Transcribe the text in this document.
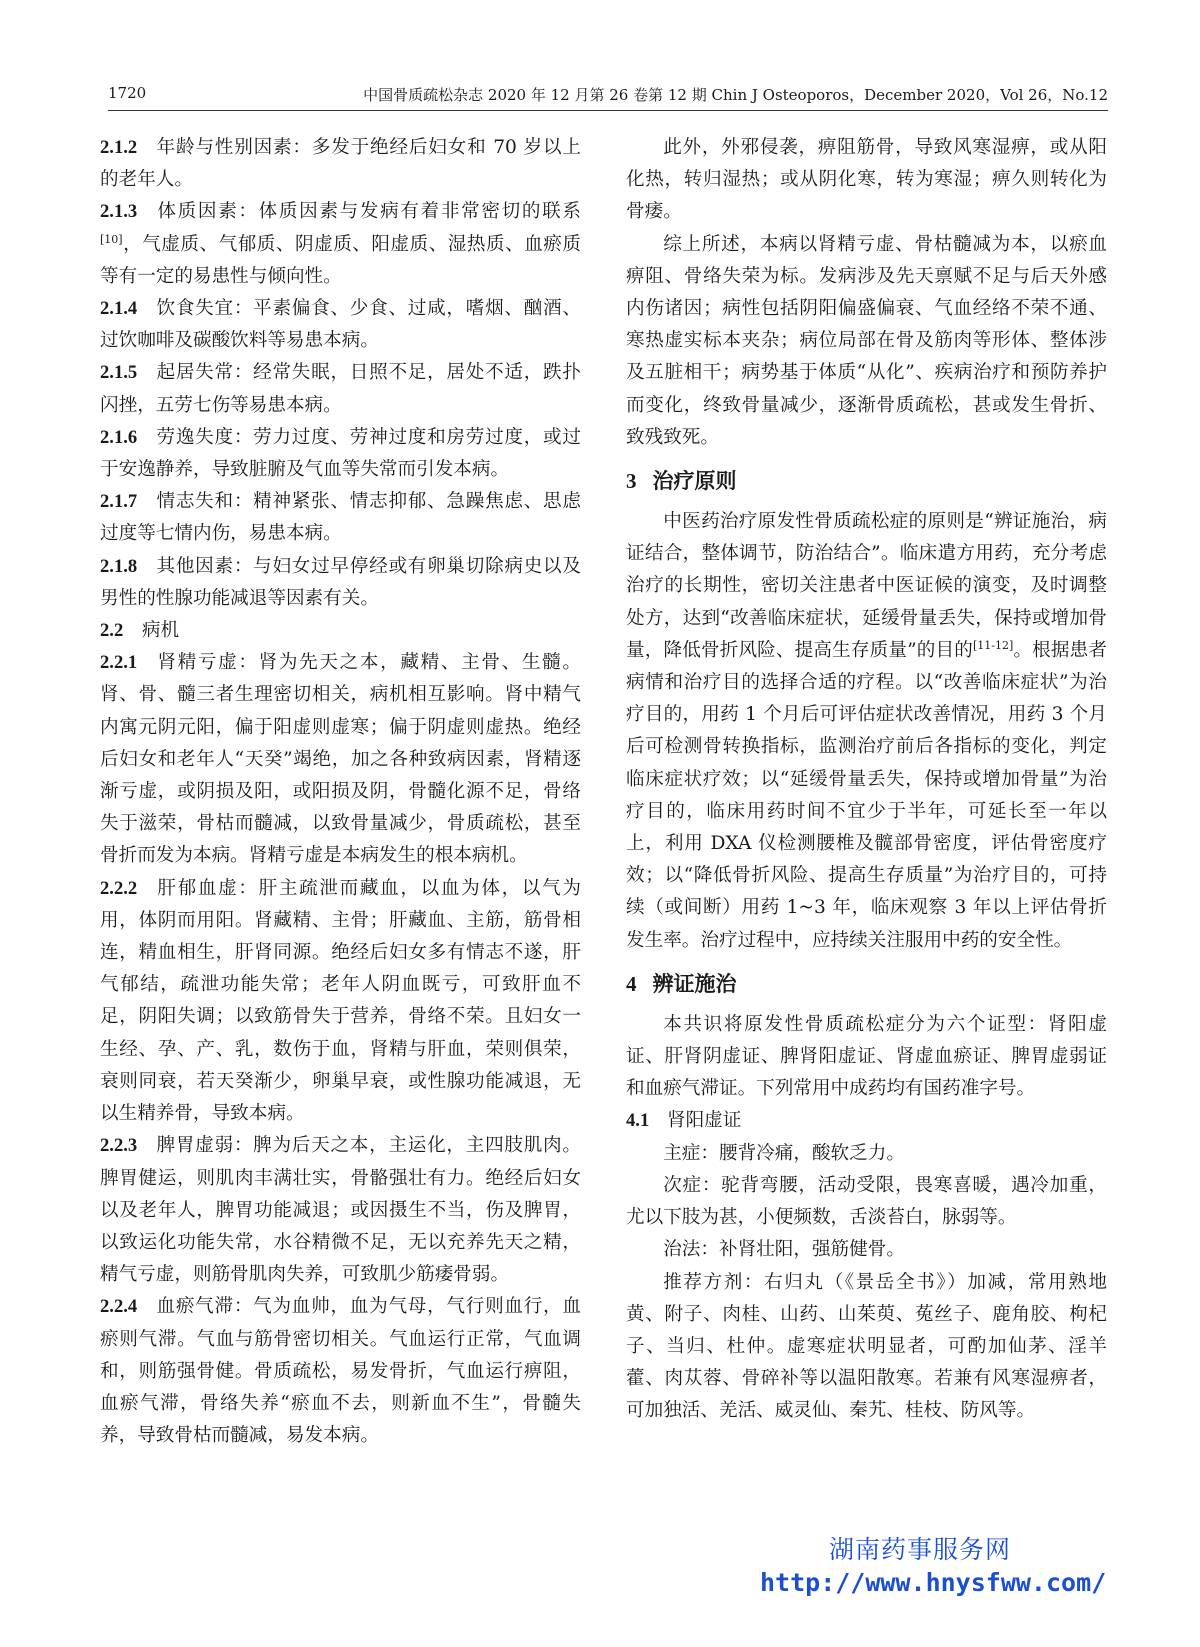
1720	中国骨质疏松杂志 2020 年 12 月第 26 卷第 12 期 Chin J Osteoporos，December 2020，Vol 26，No.12

2.1.2  年龄与性别因素：多发于绝经后妇女和 70 岁以上的老年人。

2.1.3  体质因素：体质因素与发病有着非常密切的联系[10]，气虚质、气郁质、阴虚质、阳虚质、湿热质、血瘀质等有一定的易患性与倾向性。

2.1.4  饮食失宜：平素偏食、少食、过咸，嗜烟、酗酒、过饮咖啡及碳酸饮料等易患本病。

2.1.5  起居失常：经常失眠，日照不足，居处不适，跌扑闪挫，五劳七伤等易患本病。

2.1.6  劳逸失度：劳力过度、劳神过度和房劳过度，或过于安逸静养，导致脏腑及气血等失常而引发本病。

2.1.7  情志失和：精神紧张、情志抑郁、急躁焦虑、思虑过度等七情内伤，易患本病。

2.1.8  其他因素：与妇女过早停经或有卵巢切除病史以及男性的性腺功能减退等因素有关。

2.2  病机

2.2.1  肾精亏虚：肾为先天之本，藏精、主骨、生髓。肾、骨、髓三者生理密切相关，病机相互影响。肾中精气内寓元阴元阳，偏于阳虚则虚寒；偏于阴虚则虚热。绝经后妇女和老年人“天癸”竭绝，加之各种致病因素，肾精逐渐亏虚，或阴损及阳，或阳损及阴，骨髓化源不足，骨络失于滋荣，骨枯而髓减，以致骨量减少，骨质疏松，甚至骨折而发为本病。肾精亏虚是本病发生的根本病机。

2.2.2  肝郁血虚：肝主疏泄而藏血，以血为体，以气为用，体阴而用阳。肾藏精、主骨；肝藏血、主筋，筋骨相连，精血相生，肝肾同源。绝经后妇女多有情志不遂，肝气郁结，疏泄功能失常；老年人阴血既亏，可致肝血不足，阴阳失调；以致筋骨失于营养，骨络不荣。且妇女一生经、孕、产、乳，数伤于血，肾精与肝血，荣则俱荣，衰则同衰，若天癸渐少，卵巢早衰，或性腺功能减退，无以生精养骨，导致本病。

2.2.3  脾胃虚弱：脾为后天之本，主运化，主四肢肌肉。脾胃健运，则肌肉丰满壮实，骨骼强壮有力。绝经后妇女以及老年人，脾胃功能减退；或因摄生不当，伤及脾胃，以致运化功能失常，水谷精微不足，无以充养先天之精，精气亏虚，则筋骨肌肉失养，可致肌少筋痿骨弱。

2.2.4  血瘀气滞：气为血帅，血为气母，气行则血行，血瘀则气滞。气血与筋骨密切相关。气血运行正常，气血调和，则筋强骨健。骨质疏松，易发骨折，气血运行痹阻，血瘀气滞，骨络失养“瘀血不去，则新血不生”，骨髓失养，导致骨枯而髓减，易发本病。

此外，外邪侵袭，痹阻筋骨，导致风寒湿痹，或从阳化热，转归湿热；或从阴化寒，转为寒湿；痹久则转化为骨痿。

综上所述，本病以肾精亏虚、骨枯髓减为本，以瘀血痹阻、骨络失荣为标。发病涉及先天禀赋不足与后天外感内伤诸因；病性包括阴阳偏盛偏衰、气血经络不荣不通、寒热虚实标本夹杂；病位局部在骨及筋肉等形体、整体涉及五脏相干；病势基于体质“从化”、疾病治疗和预防养护而变化，终致骨量减少，逐渐骨质疏松，甚或发生骨折、致残致死。

3 治疗原则

中医药治疗原发性骨质疏松症的原则是“辨证施治，病证结合，整体调节，防治结合”。临床遣方用药，充分考虑治疗的长期性，密切关注患者中医证候的演变，及时调整处方，达到“改善临床症状，延缓骨量丢失，保持或增加骨量，降低骨折风险、提高生存质量”的目的[11-12]。根据患者病情和治疗目的选择合适的疗程。以“改善临床症状”为治疗目的，用药 1 个月后可评估症状改善情况，用药 3 个月后可检测骨转换指标，监测治疗前后各指标的变化，判定临床症状疗效；以“延缓骨量丢失，保持或增加骨量”为治疗目的，临床用药时间不宜少于半年，可延长至一年以上，利用 DXA 仪检测腰椎及髋部骨密度，评估骨密度疗效；以“降低骨折风险、提高生存质量”为治疗目的，可持续（或间断）用药 1~3 年，临床观察 3 年以上评估骨折发生率。治疗过程中，应持续关注服用中药的安全性。

4 辨证施治

本共识将原发性骨质疏松症分为六个证型：肾阳虚证、肝肾阴虚证、脾肾阳虚证、肾虚血瘀证、脾胃虚弱证和血瘀气滞证。下列常用中成药均有国药准字号。

4.1 肾阳虚证

主症：腰背冷痛，酸软乏力。

次症：驼背弯腰，活动受限，畏寒喜暖，遇冷加重，尤以下肢为甚，小便频数，舌淡苔白，脉弱等。

治法：补肾壮阳，强筋健骨。

推荐方剂：右归丸（《景岳全书》）加减，常用熟地黄、附子、肉桂、山药、山茱萸、菟丝子、鹿角胶、枸杞子、当归、杜仲。虚寒症状明显者，可酌加仙茅、淫羊藿、肉苁蓉、骨碎补等以温阳散寒。若兼有风寒湿痹者，可加独活、羌活、威灵仙、秦艽、桂枝、防风等。

湖南药事服务网
http://www.hnysfww.com/
